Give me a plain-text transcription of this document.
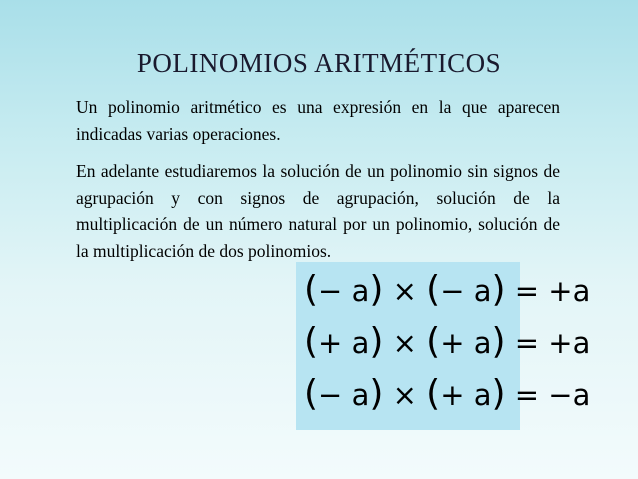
POLINOMIOS ARITMÉTICOS
Un polinomio aritmético es una expresión en la que aparecen indicadas varias operaciones.
En adelante estudiaremos la solución de un polinomio sin signos de agrupación y con signos de agrupación, solución de la multiplicación de un número natural por un polinomio, solución de la multiplicación de dos polinomios.
(− a) × (− a) = +a
(+ a) × (+ a) = +a
(− a) × (+ a) = −a
